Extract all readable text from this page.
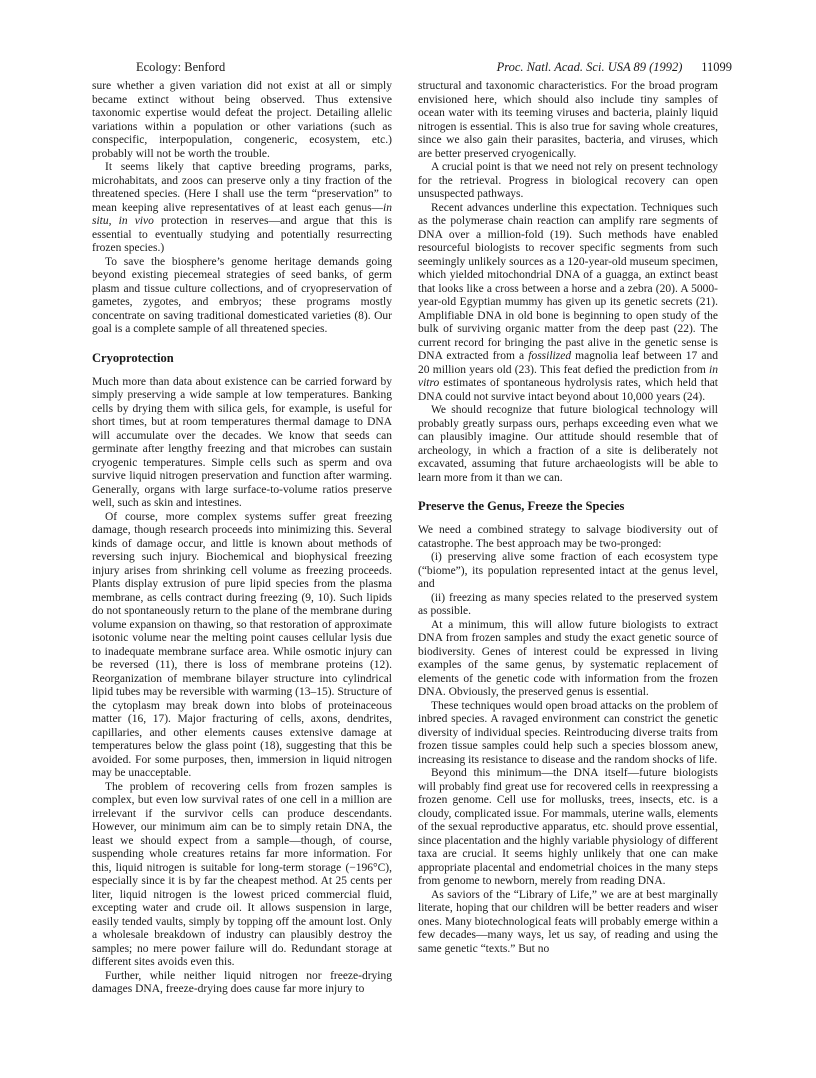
Ecology: Benford	Proc. Natl. Acad. Sci. USA 89 (1992) 11099

sure whether a given variation did not exist at all or simply became extinct without being observed. Thus extensive taxonomic expertise would defeat the project. Detailing allelic variations within a population or other variations (such as conspecific, interpopulation, congeneric, ecosystem, etc.) probably will not be worth the trouble.

It seems likely that captive breeding programs, parks, microhabitats, and zoos can preserve only a tiny fraction of the threatened species. (Here I shall use the term “preservation” to mean keeping alive representatives of at least each genus—in situ, in vivo protection in reserves—and argue that this is essential to eventually studying and potentially resurrecting frozen species.)

To save the biosphere’s genome heritage demands going beyond existing piecemeal strategies of seed banks, of germ plasm and tissue culture collections, and of cryopreservation of gametes, zygotes, and embryos; these programs mostly concentrate on saving traditional domesticated varieties (8). Our goal is a complete sample of all threatened species.

Cryoprotection

Much more than data about existence can be carried forward by simply preserving a wide sample at low temperatures. Banking cells by drying them with silica gels, for example, is useful for short times, but at room temperatures thermal damage to DNA will accumulate over the decades. We know that seeds can germinate after lengthy freezing and that microbes can sustain cryogenic temperatures. Simple cells such as sperm and ova survive liquid nitrogen preservation and function after warming. Generally, organs with large surface-to-volume ratios preserve well, such as skin and intestines.

Of course, more complex systems suffer great freezing damage, though research proceeds into minimizing this. Several kinds of damage occur, and little is known about methods of reversing such injury. Biochemical and biophysical freezing injury arises from shrinking cell volume as freezing proceeds. Plants display extrusion of pure lipid species from the plasma membrane, as cells contract during freezing (9, 10). Such lipids do not spontaneously return to the plane of the membrane during volume expansion on thawing, so that restoration of approximate isotonic volume near the melting point causes cellular lysis due to inadequate membrane surface area. While osmotic injury can be reversed (11), there is loss of membrane proteins (12). Reorganization of membrane bilayer structure into cylindrical lipid tubes may be reversible with warming (13–15). Structure of the cytoplasm may break down into blobs of proteinaceous matter (16, 17). Major fracturing of cells, axons, dendrites, capillaries, and other elements causes extensive damage at temperatures below the glass point (18), suggesting that this be avoided. For some purposes, then, immersion in liquid nitrogen may be unacceptable.

The problem of recovering cells from frozen samples is complex, but even low survival rates of one cell in a million are irrelevant if the survivor cells can produce descendants. However, our minimum aim can be to simply retain DNA, the least we should expect from a sample—though, of course, suspending whole creatures retains far more information. For this, liquid nitrogen is suitable for long-term storage (−196°C), especially since it is by far the cheapest method. At 25 cents per liter, liquid nitrogen is the lowest priced commercial fluid, excepting water and crude oil. It allows suspension in large, easily tended vaults, simply by topping off the amount lost. Only a wholesale breakdown of industry can plausibly destroy the samples; no mere power failure will do. Redundant storage at different sites avoids even this.

Further, while neither liquid nitrogen nor freeze-drying damages DNA, freeze-drying does cause far more injury to

structural and taxonomic characteristics. For the broad program envisioned here, which should also include tiny samples of ocean water with its teeming viruses and bacteria, plainly liquid nitrogen is essential. This is also true for saving whole creatures, since we also gain their parasites, bacteria, and viruses, which are better preserved cryogenically.

A crucial point is that we need not rely on present technology for the retrieval. Progress in biological recovery can open unsuspected pathways.

Recent advances underline this expectation. Techniques such as the polymerase chain reaction can amplify rare segments of DNA over a million-fold (19). Such methods have enabled resourceful biologists to recover specific segments from such seemingly unlikely sources as a 120-year-old museum specimen, which yielded mitochondrial DNA of a guagga, an extinct beast that looks like a cross between a horse and a zebra (20). A 5000-year-old Egyptian mummy has given up its genetic secrets (21). Amplifiable DNA in old bone is beginning to open study of the bulk of surviving organic matter from the deep past (22). The current record for bringing the past alive in the genetic sense is DNA extracted from a fossilized magnolia leaf between 17 and 20 million years old (23). This feat defied the prediction from in vitro estimates of spontaneous hydrolysis rates, which held that DNA could not survive intact beyond about 10,000 years (24).

We should recognize that future biological technology will probably greatly surpass ours, perhaps exceeding even what we can plausibly imagine. Our attitude should resemble that of archeology, in which a fraction of a site is deliberately not excavated, assuming that future archaeologists will be able to learn more from it than we can.

Preserve the Genus, Freeze the Species

We need a combined strategy to salvage biodiversity out of catastrophe. The best approach may be two-pronged:

(i) preserving alive some fraction of each ecosystem type (“biome”), its population represented intact at the genus level, and

(ii) freezing as many species related to the preserved system as possible.

At a minimum, this will allow future biologists to extract DNA from frozen samples and study the exact genetic source of biodiversity. Genes of interest could be expressed in living examples of the same genus, by systematic replacement of elements of the genetic code with information from the frozen DNA. Obviously, the preserved genus is essential.

These techniques would open broad attacks on the problem of inbred species. A ravaged environment can constrict the genetic diversity of individual species. Reintroducing diverse traits from frozen tissue samples could help such a species blossom anew, increasing its resistance to disease and the random shocks of life.

Beyond this minimum—the DNA itself—future biologists will probably find great use for recovered cells in reexpressing a frozen genome. Cell use for mollusks, trees, insects, etc. is a cloudy, complicated issue. For mammals, uterine walls, elements of the sexual reproductive apparatus, etc. should prove essential, since placentation and the highly variable physiology of different taxa are crucial. It seems highly unlikely that one can make appropriate placental and endometrial choices in the many steps from genome to newborn, merely from reading DNA.

As saviors of the “Library of Life,” we are at best marginally literate, hoping that our children will be better readers and wiser ones. Many biotechnological feats will probably emerge within a few decades—many ways, let us say, of reading and using the same genetic “texts.” But no
